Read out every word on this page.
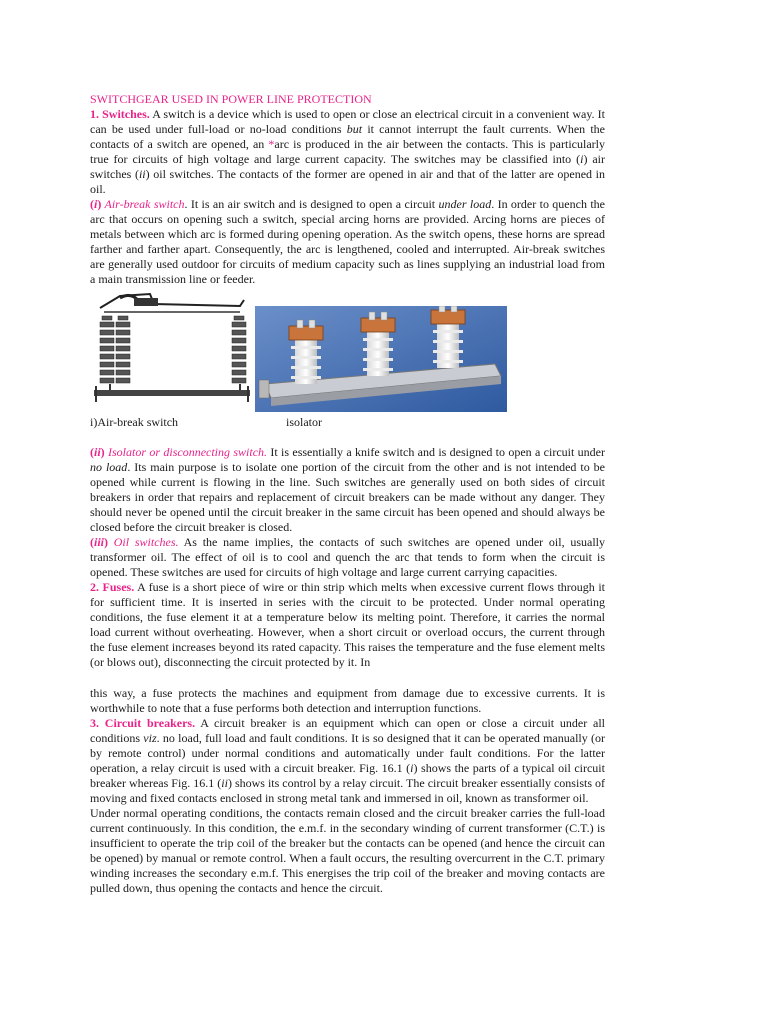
SWITCHGEAR USED IN POWER LINE PROTECTION

1. Switches. A switch is a device which is used to open or close an electrical circuit in a convenient way. It can be used under full-load or no-load conditions but it cannot interrupt the fault currents. When the contacts of a switch are opened, an *arc is produced in the air between the contacts. This is particularly true for circuits of high voltage and large current capacity. The switches may be classified into (i) air switches (ii) oil switches. The contacts of the former are opened in air and that of the latter are opened in oil.

(i) Air-break switch. It is an air switch and is designed to open a circuit under load. In order to quench the arc that occurs on opening such a switch, special arcing horns are provided. Arcing horns are pieces of metals between which arc is formed during opening operation. As the switch opens, these horns are spread farther and farther apart. Consequently, the arc is lengthened, cooled and interrupted. Air-break switches are generally used outdoor for circuits of medium capacity such as lines supplying an industrial load from a main transmission line or feeder.

i)Air-break switch	isolator

(ii) Isolator or disconnecting switch. It is essentially a knife switch and is designed to open a circuit under no load. Its main purpose is to isolate one portion of the circuit from the other and is not intended to be opened while current is flowing in the line. Such switches are generally used on both sides of circuit breakers in order that repairs and replacement of circuit breakers can be made without any danger. They should never be opened until the circuit breaker in the same circuit has been opened and should always be closed before the circuit breaker is closed.

(iii) Oil switches. As the name implies, the contacts of such switches are opened under oil, usually transformer oil. The effect of oil is to cool and quench the arc that tends to form when the circuit is opened. These switches are used for circuits of high voltage and large current carrying capacities.

2. Fuses. A fuse is a short piece of wire or thin strip which melts when excessive current flows through it for sufficient time. It is inserted in series with the circuit to be protected. Under normal operating conditions, the fuse element it at a temperature below its melting point. Therefore, it carries the normal load current without overheating. However, when a short circuit or overload occurs, the current through the fuse element increases beyond its rated capacity. This raises the temperature and the fuse element melts (or blows out), disconnecting the circuit protected by it. In

this way, a fuse protects the machines and equipment from damage due to excessive currents. It is worthwhile to note that a fuse performs both detection and interruption functions.

3. Circuit breakers. A circuit breaker is an equipment which can open or close a circuit under all conditions viz. no load, full load and fault conditions. It is so designed that it can be operated manually (or by remote control) under normal conditions and automatically under fault conditions. For the latter operation, a relay circuit is used with a circuit breaker. Fig. 16.1 (i) shows the parts of a typical oil circuit breaker whereas Fig. 16.1 (ii) shows its control by a relay circuit. The circuit breaker essentially consists of moving and fixed contacts enclosed in strong metal tank and immersed in oil, known as transformer oil.

Under normal operating conditions, the contacts remain closed and the circuit breaker carries the full-load current continuously. In this condition, the e.m.f. in the secondary winding of current transformer (C.T.) is insufficient to operate the trip coil of the breaker but the contacts can be opened (and hence the circuit can be opened) by manual or remote control. When a fault occurs, the resulting overcurrent in the C.T. primary winding increases the secondary e.m.f. This energises the trip coil of the breaker and moving contacts are pulled down, thus opening the contacts and hence the circuit.
